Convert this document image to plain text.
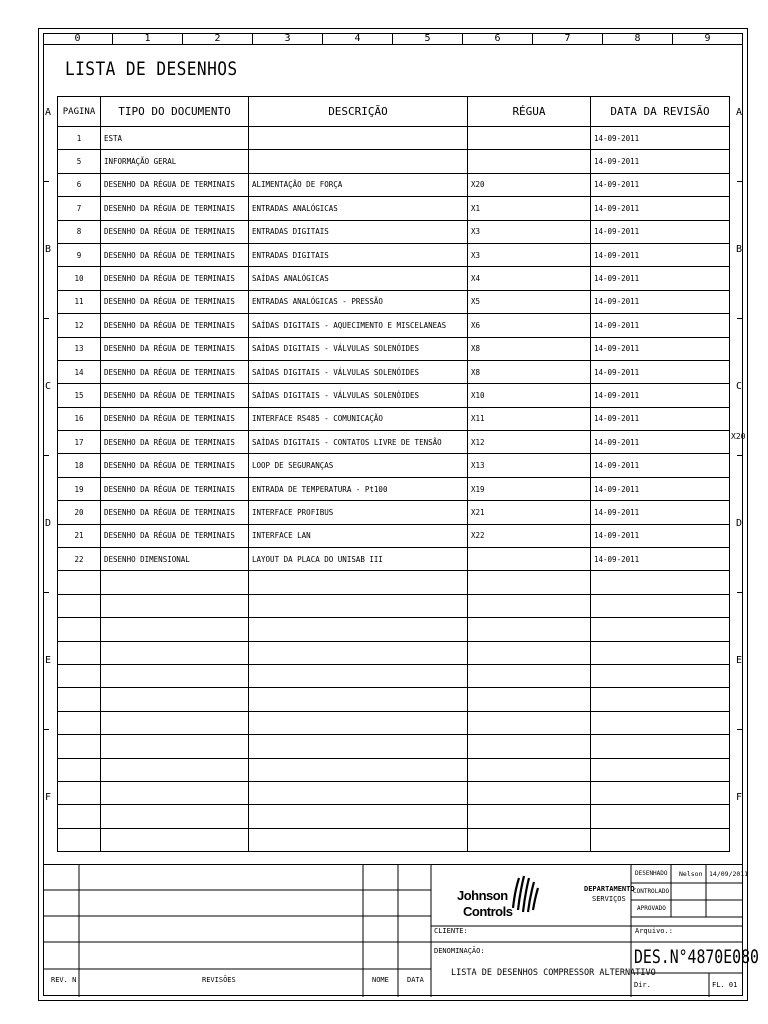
0	1	2	3	4	5	6	7	8	9
A	A
B	B
C	C
D	D
E	E
F	F
X20
LISTA DE DESENHOS
PAGINA	TIPO DO DOCUMENTO	DESCRIÇÃO	RÉGUA	DATA DA REVISÃO
1	ESTA			14-09-2011
5	INFORMAÇÃO GERAL			14-09-2011
6	DESENHO DA RÉGUA DE TERMINAIS	ALIMENTAÇÃO DE FORÇA	X20	14-09-2011
7	DESENHO DA RÉGUA DE TERMINAIS	ENTRADAS ANALÓGICAS	X1	14-09-2011
8	DESENHO DA RÉGUA DE TERMINAIS	ENTRADAS DIGITAIS	X3	14-09-2011
9	DESENHO DA RÉGUA DE TERMINAIS	ENTRADAS DIGITAIS	X3	14-09-2011
10	DESENHO DA RÉGUA DE TERMINAIS	SAÍDAS ANALÓGICAS	X4	14-09-2011
11	DESENHO DA RÉGUA DE TERMINAIS	ENTRADAS ANALÓGICAS - PRESSÃO	X5	14-09-2011
12	DESENHO DA RÉGUA DE TERMINAIS	SAÍDAS DIGITAIS - AQUECIMENTO E MISCELANEAS	X6	14-09-2011
13	DESENHO DA RÉGUA DE TERMINAIS	SAÍDAS DIGITAIS - VÁLVULAS SOLENÓIDES	X8	14-09-2011
14	DESENHO DA RÉGUA DE TERMINAIS	SAÍDAS DIGITAIS - VÁLVULAS SOLENÓIDES	X8	14-09-2011
15	DESENHO DA RÉGUA DE TERMINAIS	SAÍDAS DIGITAIS - VÁLVULAS SOLENÓIDES	X10	14-09-2011
16	DESENHO DA RÉGUA DE TERMINAIS	INTERFACE RS485 - COMUNICAÇÃO	X11	14-09-2011
17	DESENHO DA RÉGUA DE TERMINAIS	SAÍDAS DIGITAIS - CONTATOS LIVRE DE TENSÃO	X12	14-09-2011
18	DESENHO DA RÉGUA DE TERMINAIS	LOOP DE SEGURANÇAS	X13	14-09-2011
19	DESENHO DA RÉGUA DE TERMINAIS	ENTRADA DE TEMPERATURA - Pt100	X19	14-09-2011
20	DESENHO DA RÉGUA DE TERMINAIS	INTERFACE PROFIBUS	X21	14-09-2011
21	DESENHO DA RÉGUA DE TERMINAIS	INTERFACE LAN	X22	14-09-2011
22	DESENHO DIMENSIONAL	LAYOUT DA PLACA DO UNISAB III		14-09-2011

REV. N	REVISÕES	NOME	DATA
Johnson
Controls
DEPARTAMENTO
SERVIÇOS
DESENHADO Nelson 14/09/2011
CONTROLADO
APROVADO
CLIENTE:	Arquivo.:
DENOMINAÇÃO:
LISTA DE DESENHOS COMPRESSOR ALTERNATIVO
DES.N°4870E080
Dir.	FL. 01
